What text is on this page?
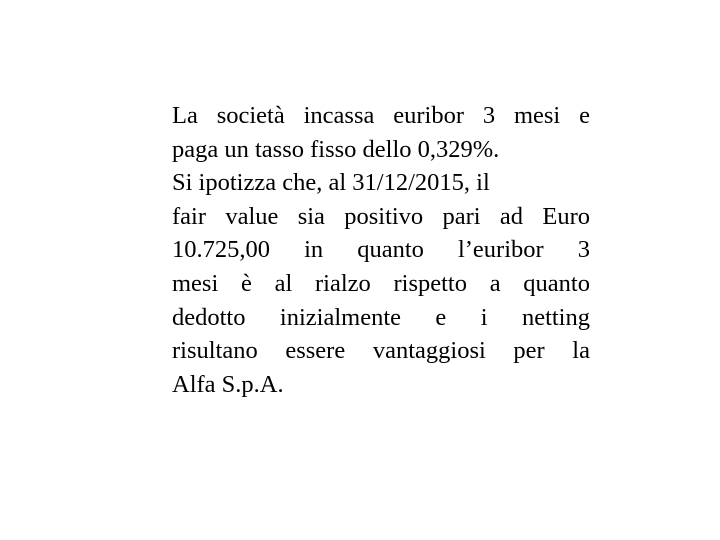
La società incassa euribor 3 mesi e
paga un tasso fisso dello 0,329%.

Si ipotizza che, al 31/12/2015, il
fair value sia positivo pari ad Euro
10.725,00 in quanto l’euribor 3
mesi è al rialzo rispetto a quanto
dedotto inizialmente e i netting
risultano essere vantaggiosi per la
Alfa S.p.A.
